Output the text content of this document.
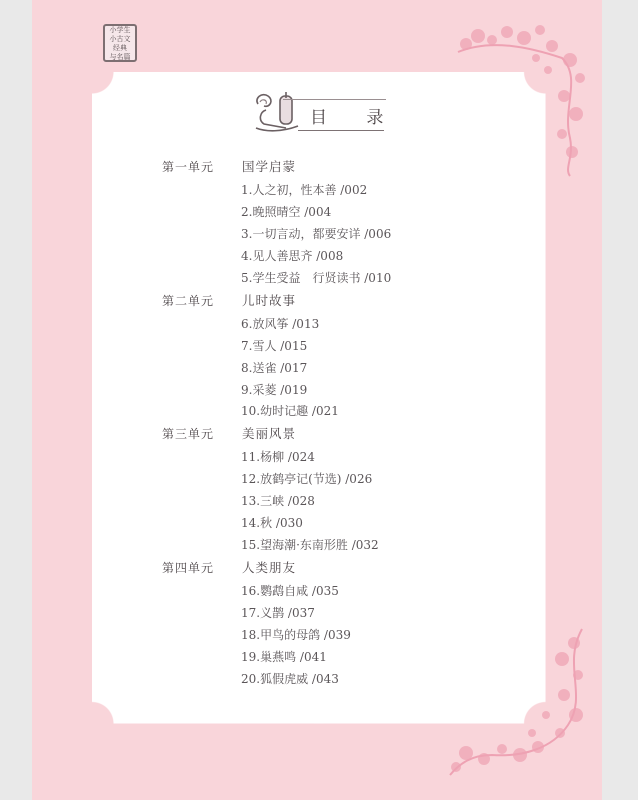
小学生
小古文
经典
与名篇
目 录
第一单元 国学启蒙
1.人之初，性本善 /002
2.晚照晴空 /004
3.一切言动，都要安详 /006
4.见人善思齐 /008
5.学生受益　行贤读书 /010
第二单元 儿时故事
6.放风筝 /013
7.雪人 /015
8.送雀 /017
9.采菱 /019
10.幼时记趣 /021
第三单元 美丽风景
11.杨柳 /024
12.放鹤亭记(节选) /026
13.三峡 /028
14.秋 /030
15.望海潮·东南形胜 /032
第四单元 人类朋友
16.鹦鹉自咸 /035
17.义鹊 /037
18.甲鸟的母鸽 /039
19.巢燕鸣 /041
20.狐假虎威 /043
